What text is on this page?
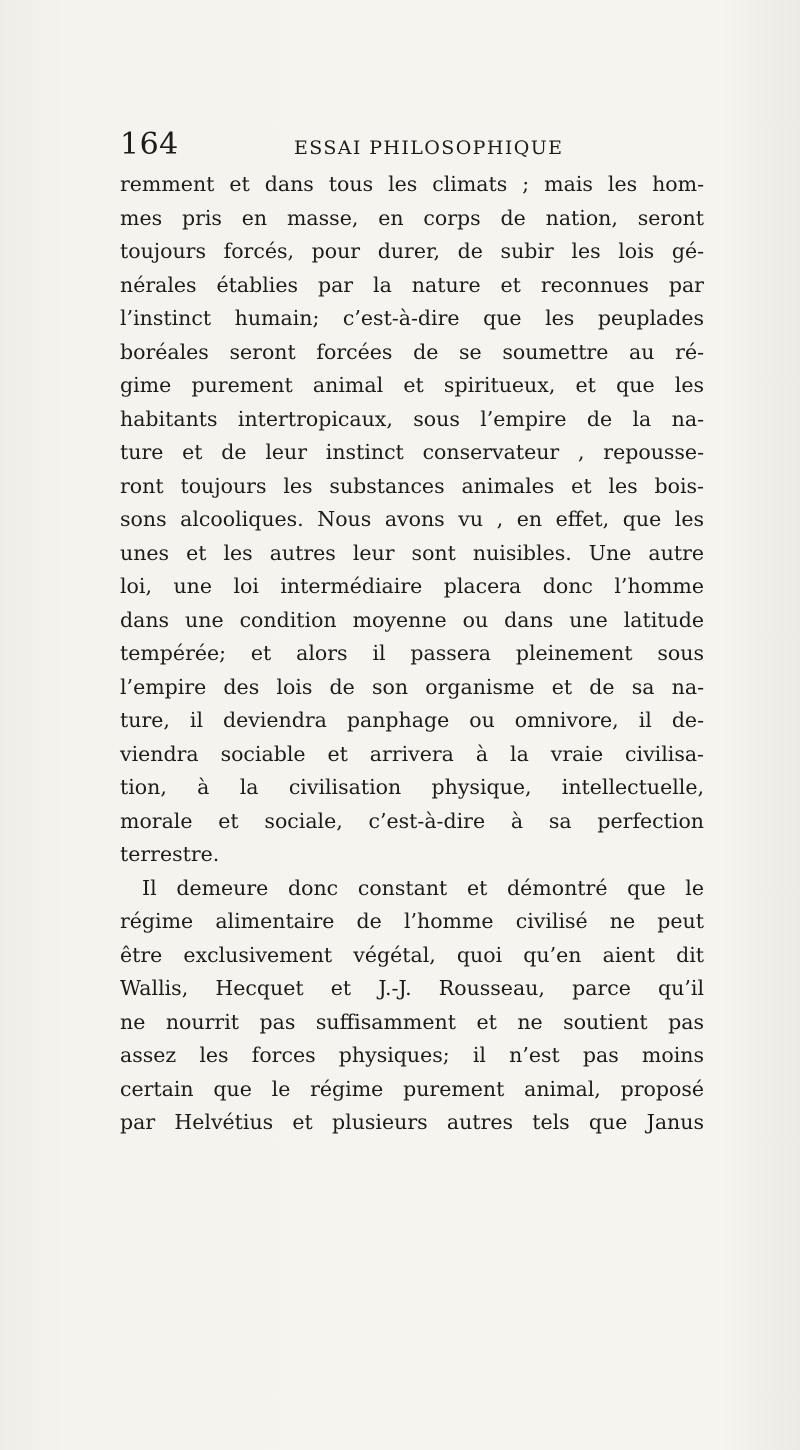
164	ESSAI PHILOSOPHIQUE
remment et dans tous les climats ; mais les hom-
mes pris en masse, en corps de nation, seront
toujours forcés, pour durer, de subir les lois gé-
nérales établies par la nature et reconnues par
l’instinct humain; c’est-à-dire que les peuplades
boréales seront forcées de se soumettre au ré-
gime purement animal et spiritueux, et que les
habitants intertropicaux, sous l’empire de la na-
ture et de leur instinct conservateur , repousse-
ront toujours les substances animales et les bois-
sons alcooliques. Nous avons vu , en effet, que les
unes et les autres leur sont nuisibles. Une autre
loi, une loi intermédiaire placera donc l’homme
dans une condition moyenne ou dans une latitude
tempérée; et alors il passera pleinement sous
l’empire des lois de son organisme et de sa na-
ture, il deviendra panphage ou omnivore, il de-
viendra sociable et arrivera à la vraie civilisa-
tion, à la civilisation physique, intellectuelle,
morale et sociale, c’est-à-dire à sa perfection
terrestre.
Il demeure donc constant et démontré que le
régime alimentaire de l’homme civilisé ne peut
être exclusivement végétal, quoi qu’en aient dit
Wallis, Hecquet et J.-J. Rousseau, parce qu’il
ne nourrit pas suffisamment et ne soutient pas
assez les forces physiques; il n’est pas moins
certain que le régime purement animal, proposé
par Helvétius et plusieurs autres tels que Janus
